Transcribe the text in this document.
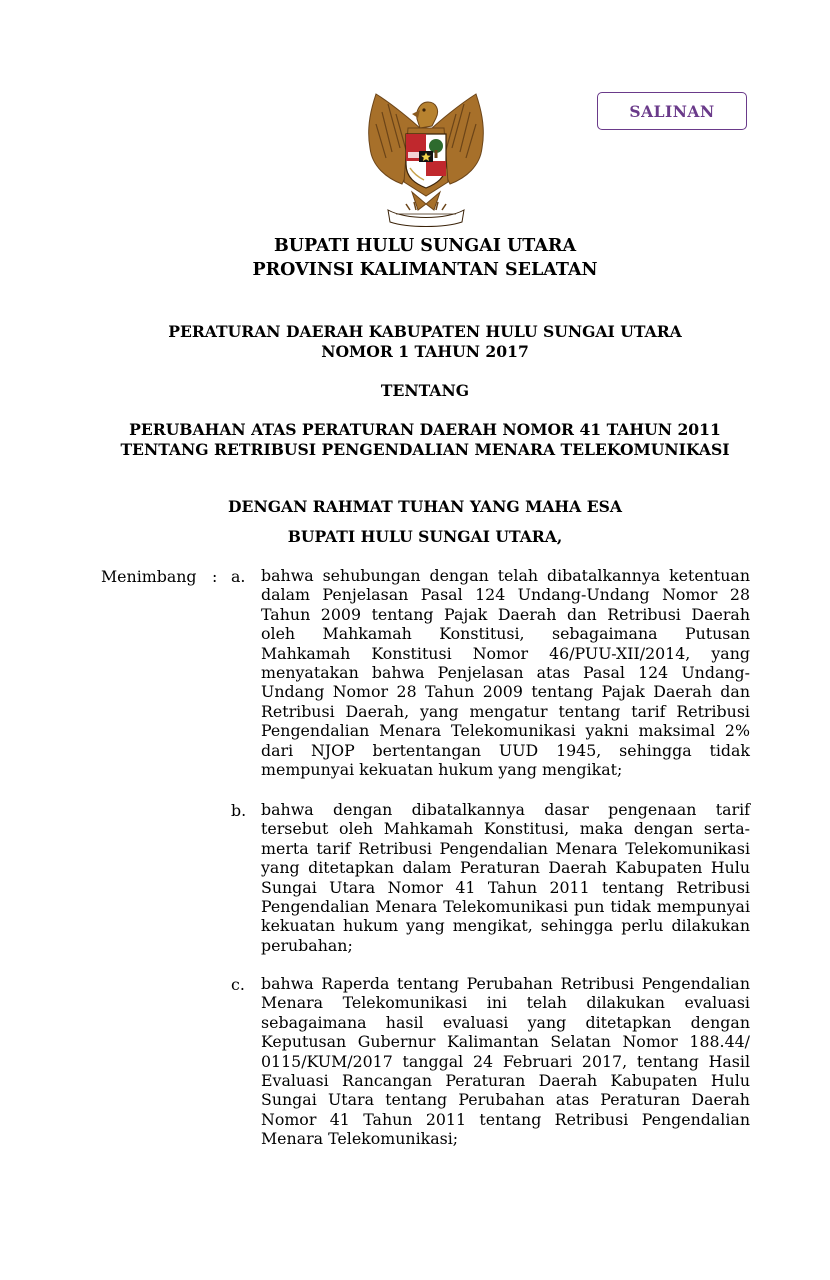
SALINAN
BUPATI HULU SUNGAI UTARA
PROVINSI KALIMANTAN SELATAN
PERATURAN DAERAH KABUPATEN HULU SUNGAI UTARA
NOMOR 1 TAHUN 2017
TENTANG
PERUBAHAN ATAS PERATURAN DAERAH NOMOR 41 TAHUN 2011
TENTANG RETRIBUSI PENGENDALIAN MENARA TELEKOMUNIKASI
DENGAN RAHMAT TUHAN YANG MAHA ESA
BUPATI HULU SUNGAI UTARA,
Menimbang : a. bahwa sehubungan dengan telah dibatalkannya ketentuan dalam Penjelasan Pasal 124 Undang-Undang Nomor 28 Tahun 2009 tentang Pajak Daerah dan Retribusi Daerah oleh Mahkamah Konstitusi, sebagaimana Putusan Mahkamah Konstitusi Nomor 46/PUU-XII/2014, yang menyatakan bahwa Penjelasan atas Pasal 124 Undang-Undang Nomor 28 Tahun 2009 tentang Pajak Daerah dan Retribusi Daerah, yang mengatur tentang tarif Retribusi Pengendalian Menara Telekomunikasi yakni maksimal 2% dari NJOP bertentangan UUD 1945, sehingga tidak mempunyai kekuatan hukum yang mengikat;

b. bahwa dengan dibatalkannya dasar pengenaan tarif tersebut oleh Mahkamah Konstitusi, maka dengan serta-merta tarif Retribusi Pengendalian Menara Telekomunikasi yang ditetapkan dalam Peraturan Daerah Kabupaten Hulu Sungai Utara Nomor 41 Tahun 2011 tentang Retribusi Pengendalian Menara Telekomunikasi pun tidak mempunyai kekuatan hukum yang mengikat, sehingga perlu dilakukan perubahan;

c. bahwa Raperda tentang Perubahan Retribusi Pengendalian Menara Telekomunikasi ini telah dilakukan evaluasi sebagaimana hasil evaluasi yang ditetapkan dengan Keputusan Gubernur Kalimantan Selatan Nomor 188.44/ 0115/KUM/2017 tanggal 24 Februari 2017, tentang Hasil Evaluasi Rancangan Peraturan Daerah Kabupaten Hulu Sungai Utara tentang Perubahan atas Peraturan Daerah Nomor 41 Tahun 2011 tentang Retribusi Pengendalian Menara Telekomunikasi;
